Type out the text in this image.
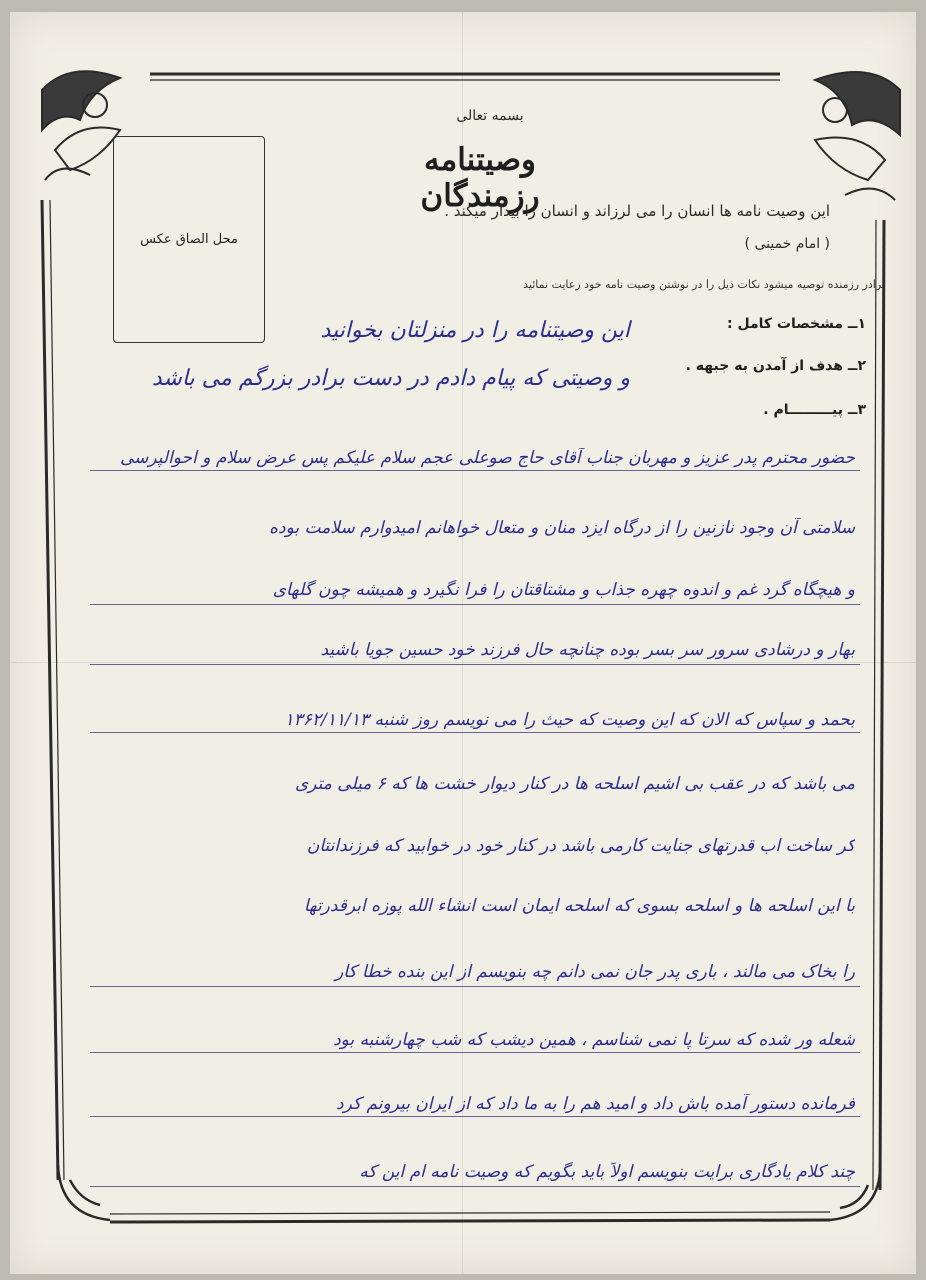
بسمه تعالی
وصیتنامه رزمندگان
این وصیت نامه ها انسان را می لرزاند و انسان را بیدار میکند .
( امام خمینی )
برادر رزمنده توصیه میشود نکات ذیل را در نوشتن وصیت نامه خود رعایت نمائید
محل الصاق عکس
۱ــ مشخصات کامل :
۲ــ هدف از آمدن به جبهه .
۳ــ پیـــــــــام .
این وصیتنامه را در منزلتان بخوانید
و وصیتی که پیام دادم در دست برادر بزرگم می باشد
حضور محترم پدر عزیز و مهربان جناب آقای حاج صوعلی عجم سلام علیکم پس عرض سلام و احوالپرسی
سلامتی آن وجود نازنین را از درگاه ایزد منان و متعال خواهانم امیدوارم سلامت بوده
و هیچگاه گرد غم و اندوه چهره جذاب و مشتاقتان را فرا نگیرد و همیشه چون گلهای
بهار و درشادی سرور سر بسر بوده چنانچه حال فرزند خود حسین جویا باشید
بحمد و سپاس که الان که این وصیت که حیث را می نویسم روز شنبه ۱۳۶۲/۱۱/۱۳
می باشد که در عقب بی اشیم اسلحه ها در کنار دیوار خشت ها که ۶ میلی متری
کر ساخت اب قدرتهای جنایت کارمی باشد در کنار خود در خوابید که فرزندانتان
با این اسلحه ها و اسلحه بسوی که اسلحه ایمان است انشاء الله پوزه ابرقدرتها
را بخاک می مالند ، باری پدر جان نمی دانم چه بنویسم از این بنده خطا کار
شعله ور شده که سرتا پا نمی شناسم ، همین دیشب که شب چهارشنبه بود
فرمانده دستور آمده باش داد و امید هم را به ما داد که از ایران بیرونم کرد
چند کلام یادگاری برایت بنویسم اولاً باید بگویم که وصیت نامه ام این که
